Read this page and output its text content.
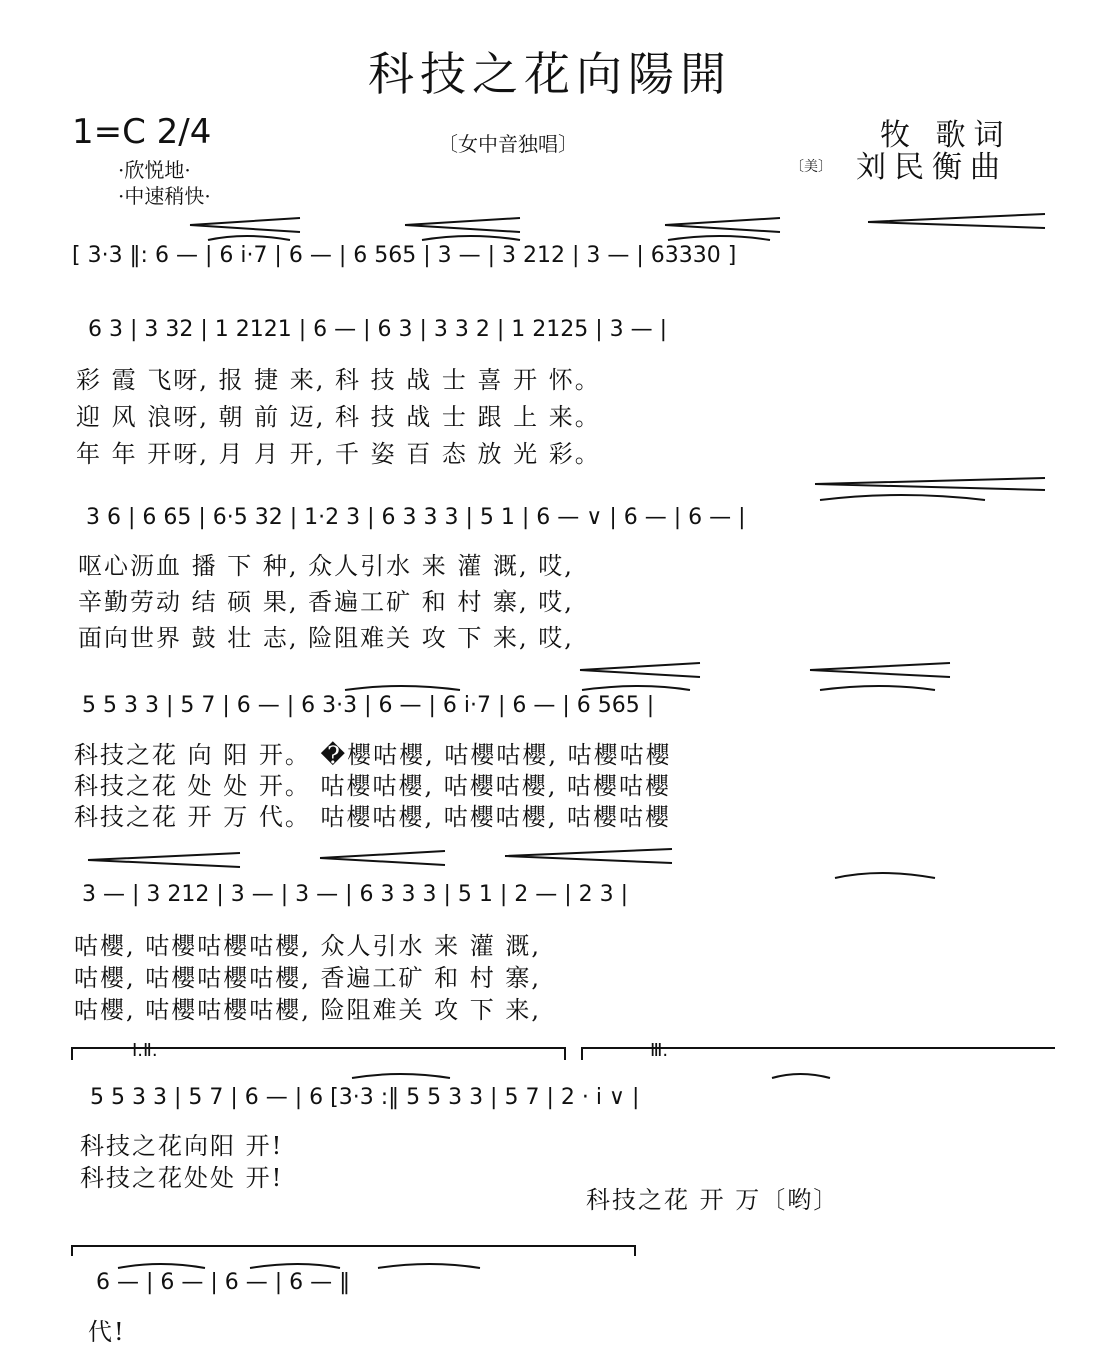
科技之花向陽開
1=C 2/4
·欣悦地·
·中速稍快·
〔女中音独唱〕	牧 歌词
〔美〕 刘民衡曲
[ 3·3 ‖: 6 — | 6 i·7 | 6 — | 6 565 | 3 — | 3 212 | 3 — | 63330 ]
6 3 | 3 32 | 1 2121 | 6 — | 6 3 | 3 3 2 | 1 2125 | 3 — |
彩 霞 飞呀, 报 捷 来, 科 技 战 士 喜 开 怀。
迎 风 浪呀, 朝 前 迈, 科 技 战 士 跟 上 来。
年 年 开呀, 月 月 开, 千 姿 百 态 放 光 彩。
3 6 | 6 65 | 6·5 32 | 1·2 3 | 6 3 3 3 | 5 1 | 6 — ∨ | 6 — | 6 — |
呕心沥血 播 下 种, 众人引水 来 灌 溉, 哎,
辛勤劳动 结 硕 果, 香遍工矿 和 村 寨, 哎,
面向世界 鼓 壮 志, 险阻难关 攻 下 来, 哎,
5 5 3 3 | 5 7 | 6 — | 6 3·3 | 6 — | 6 i·7 | 6 — | 6 565 |
科技之花 向 阳 开。 �櫻咕櫻, 咕櫻咕櫻, 咕櫻咕櫻
科技之花 处 处 开。 咕櫻咕櫻, 咕櫻咕櫻, 咕櫻咕櫻
科技之花 开 万 代。 咕櫻咕櫻, 咕櫻咕櫻, 咕櫻咕櫻
3 — | 3 212 | 3 — | 3 — | 6 3 3 3 | 5 1 | 2 — | 2 3 |
咕櫻, 咕櫻咕櫻咕櫻, 众人引水 来 灌 溉,
咕櫻, 咕櫻咕櫻咕櫻, 香遍工矿 和 村 寨,
咕櫻, 咕櫻咕櫻咕櫻, 险阻难关 攻 下 来,
Ⅰ.Ⅱ.	Ⅲ.
5 5 3 3 | 5 7 | 6 — | 6 [3·3 :‖ 5 5 3 3 | 5 7 | 2 · i ∨ |
科技之花向阳 开!
科技之花处处 开!
科技之花 开 万〔哟〕
6 — | 6 — | 6 — | 6 — ‖
代!
